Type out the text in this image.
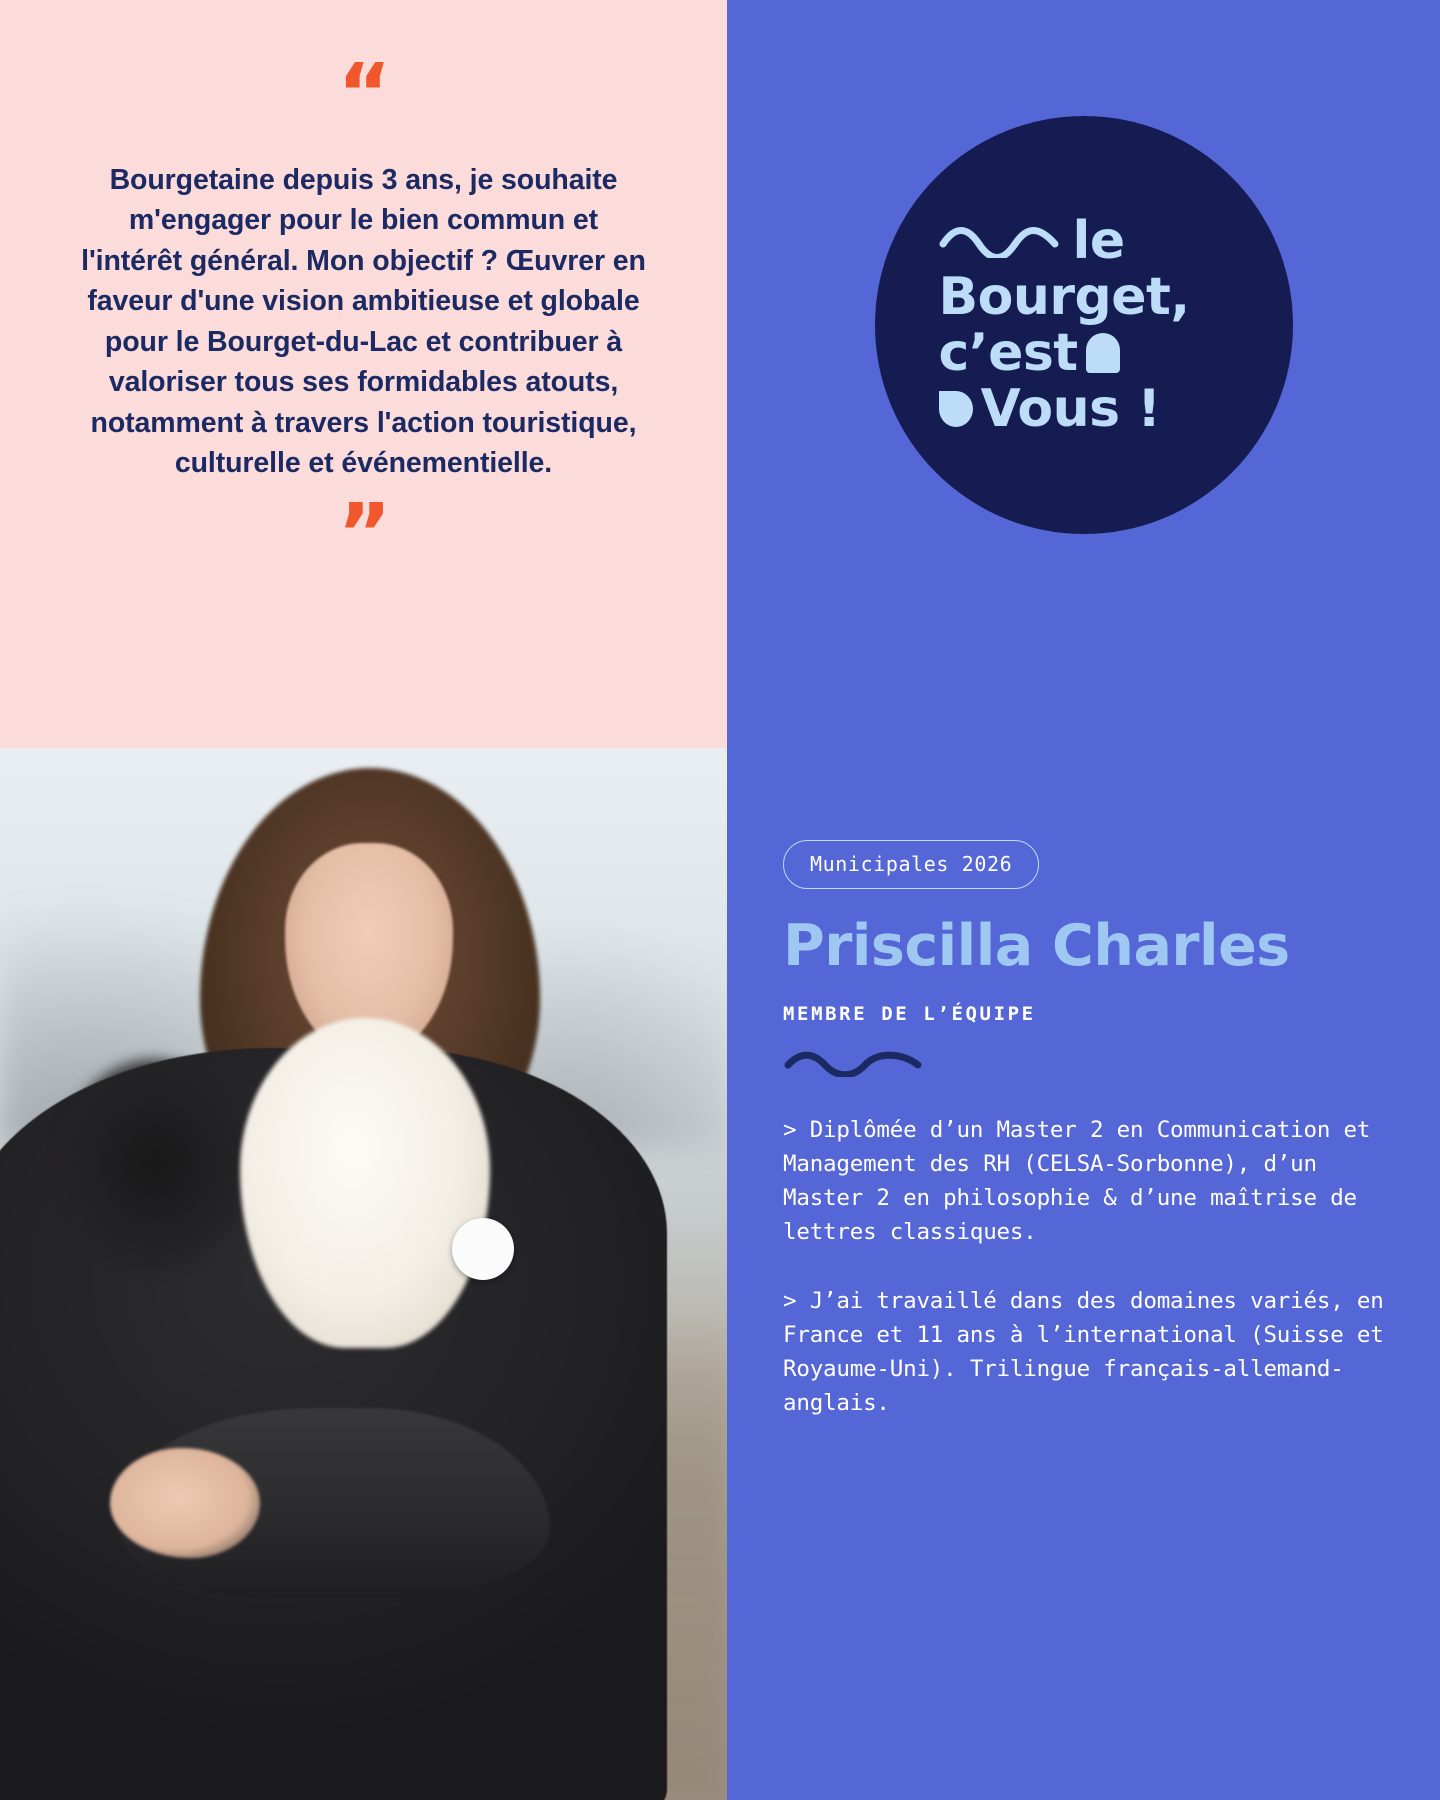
“
Bourgetaine depuis 3 ans, je souhaite m'engager pour le bien commun et l'intérêt général. Mon objectif ? Œuvrer en faveur d'une vision ambitieuse et globale pour le Bourget-du-Lac et contribuer à valoriser tous ses formidables atouts, notamment à travers l'action touristique, culturelle et événementielle.
”
le
Bourget,
c’est
Vous !
Municipales 2026
Priscilla Charles
MEMBRE DE L’ÉQUIPE

> Diplômée d’un Master 2 en Communication et Management des RH (CELSA-Sorbonne), d’un Master 2 en philosophie & d’une maîtrise de lettres classiques.

> J’ai travaillé dans des domaines variés, en France et 11 ans à l’international (Suisse et Royaume-Uni). Trilingue français-allemand-anglais.
